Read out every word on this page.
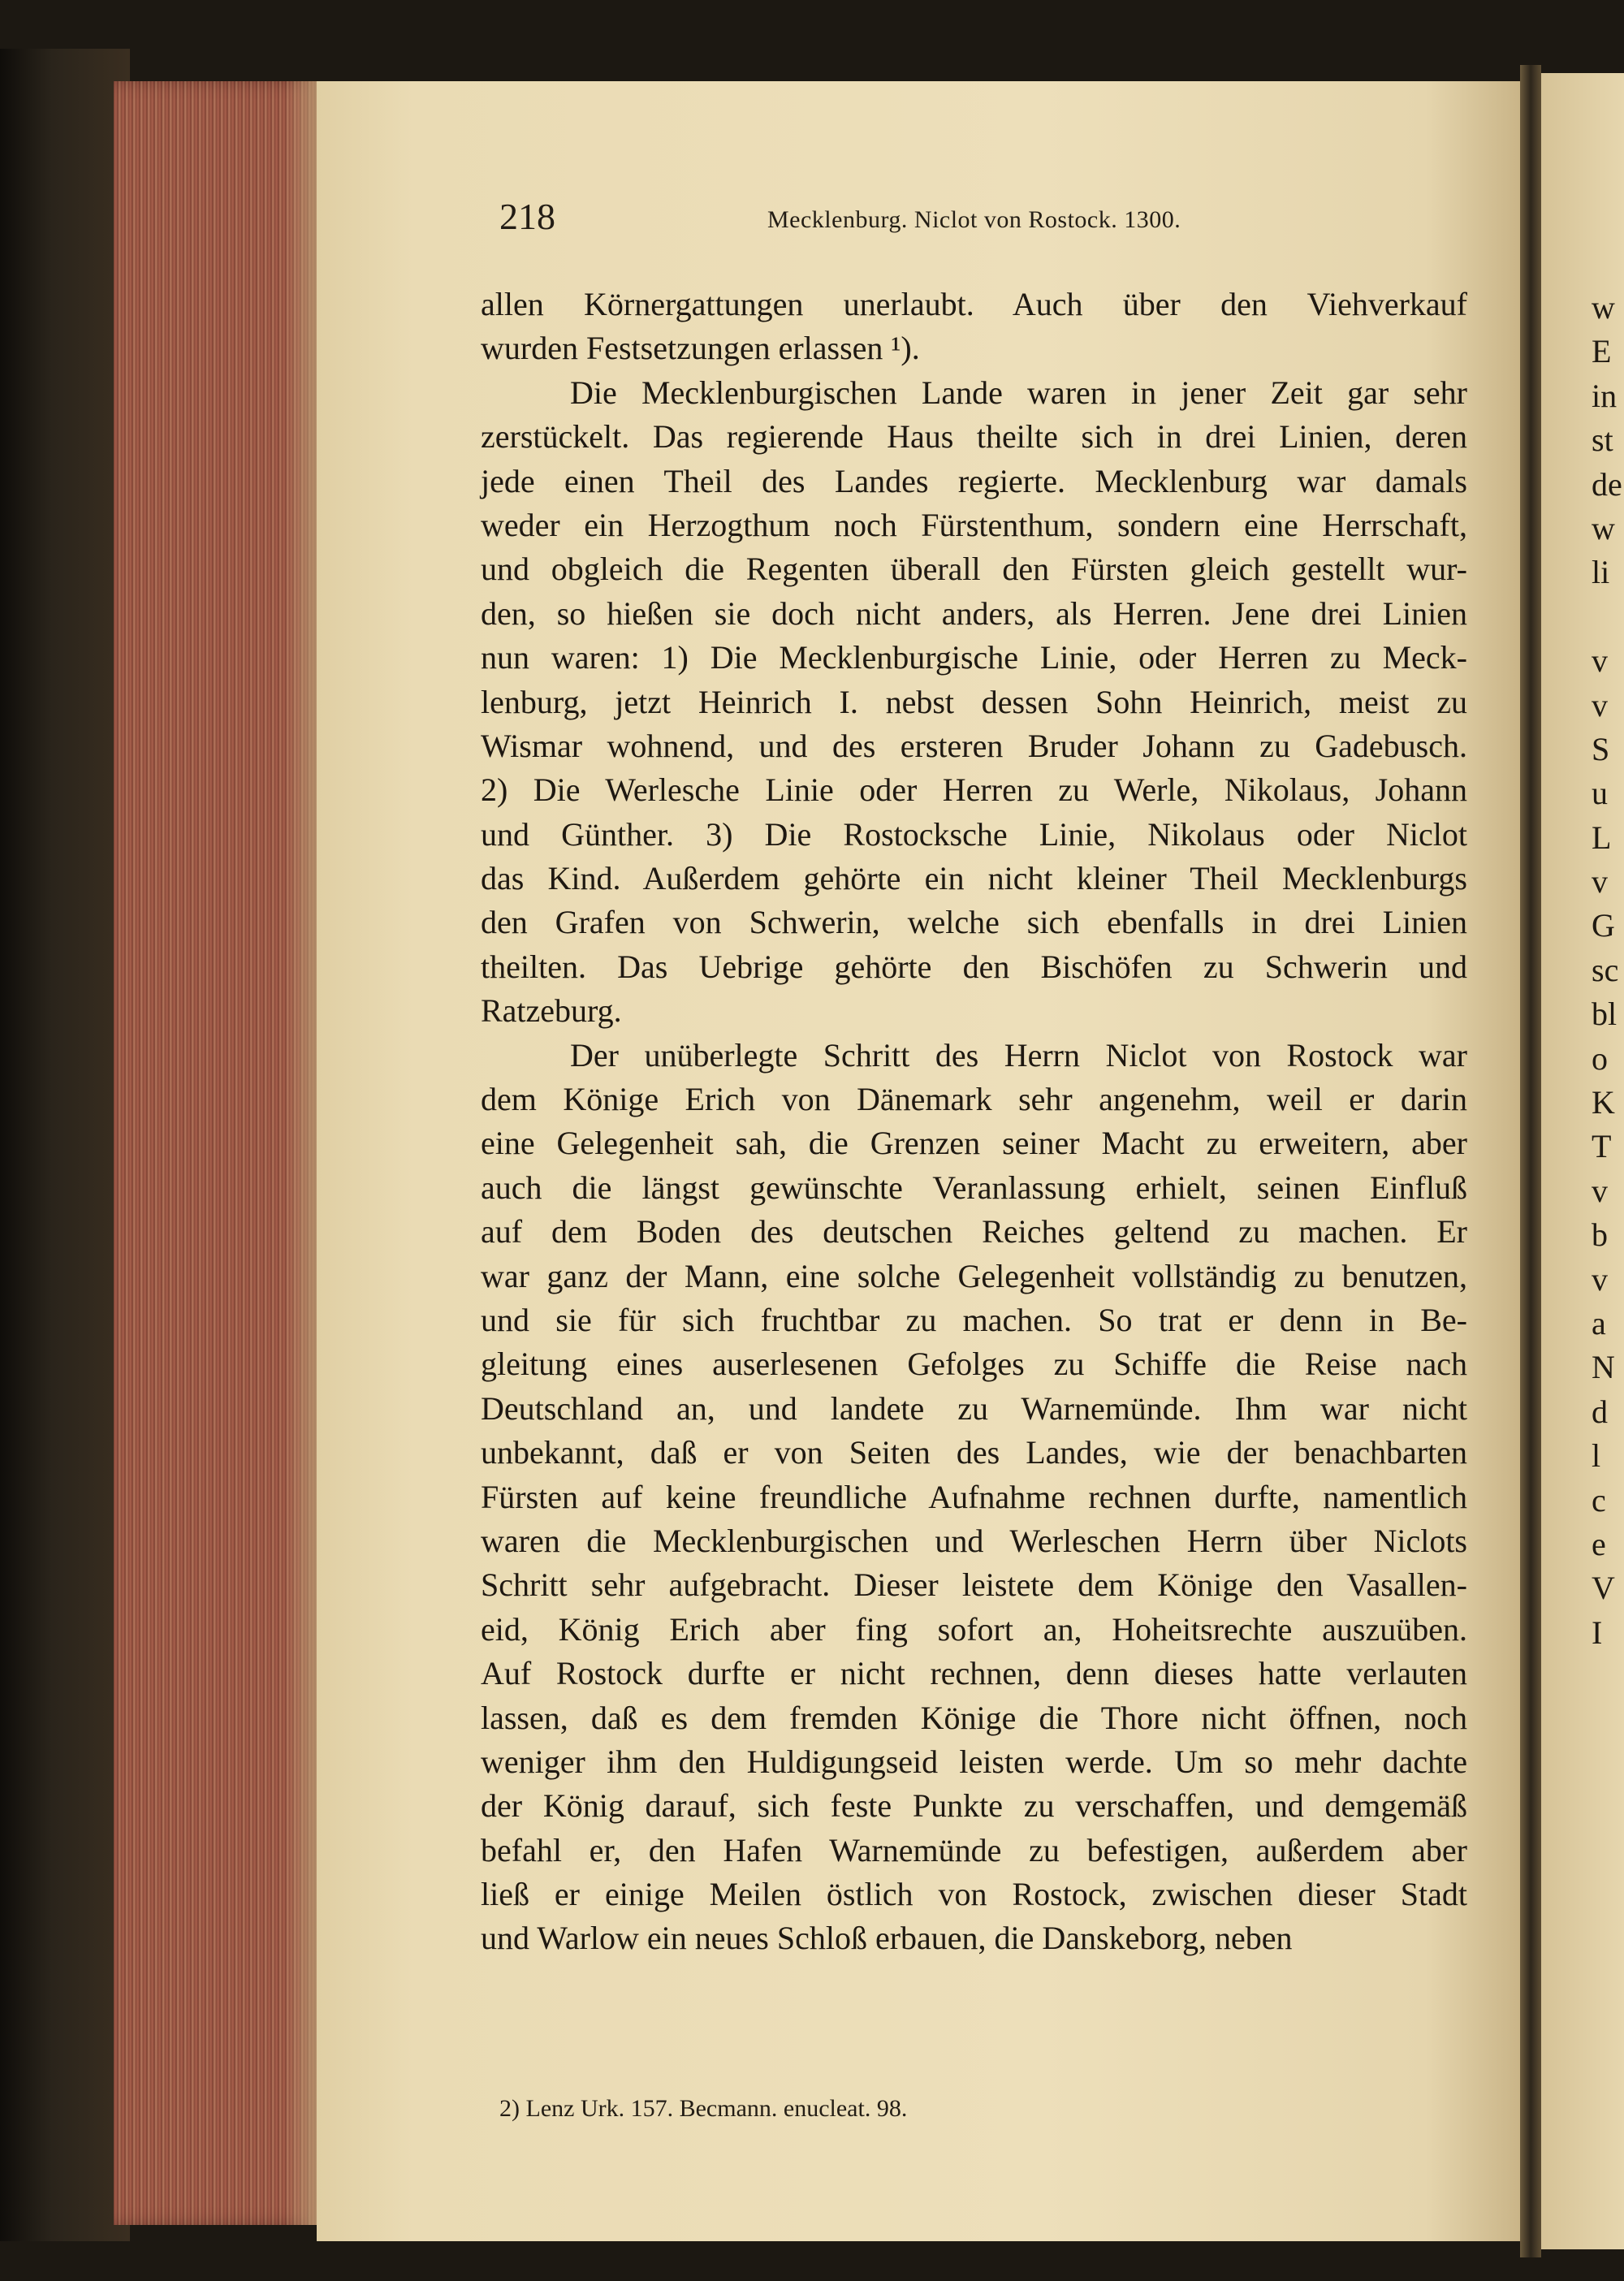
w
E
in
st
de
w
li
v
v
S
u
L
v
G
sc
bl
o
K
T
v
b
v
a
N
d
l
c
e
V
I
218	Mecklenburg. Niclot von Rostock. 1300.
allen Körnergattungen unerlaubt. Auch über den Viehverkauf
wurden Festsetzungen erlassen ¹).
Die Mecklenburgischen Lande waren in jener Zeit gar sehr
zerstückelt. Das regierende Haus theilte sich in drei Linien, deren
jede einen Theil des Landes regierte. Mecklenburg war damals
weder ein Herzogthum noch Fürstenthum, sondern eine Herrschaft,
und obgleich die Regenten überall den Fürsten gleich gestellt wur-
den, so hießen sie doch nicht anders, als Herren. Jene drei Linien
nun waren: 1) Die Mecklenburgische Linie, oder Herren zu Meck-
lenburg, jetzt Heinrich I. nebst dessen Sohn Heinrich, meist zu
Wismar wohnend, und des ersteren Bruder Johann zu Gadebusch.
2) Die Werlesche Linie oder Herren zu Werle, Nikolaus, Johann
und Günther. 3) Die Rostocksche Linie, Nikolaus oder Niclot
das Kind. Außerdem gehörte ein nicht kleiner Theil Mecklenburgs
den Grafen von Schwerin, welche sich ebenfalls in drei Linien
theilten. Das Uebrige gehörte den Bischöfen zu Schwerin und
Ratzeburg.
Der unüberlegte Schritt des Herrn Niclot von Rostock war
dem Könige Erich von Dänemark sehr angenehm, weil er darin
eine Gelegenheit sah, die Grenzen seiner Macht zu erweitern, aber
auch die längst gewünschte Veranlassung erhielt, seinen Einfluß
auf dem Boden des deutschen Reiches geltend zu machen. Er
war ganz der Mann, eine solche Gelegenheit vollständig zu benutzen,
und sie für sich fruchtbar zu machen. So trat er denn in Be-
gleitung eines auserlesenen Gefolges zu Schiffe die Reise nach
Deutschland an, und landete zu Warnemünde. Ihm war nicht
unbekannt, daß er von Seiten des Landes, wie der benachbarten
Fürsten auf keine freundliche Aufnahme rechnen durfte, namentlich
waren die Mecklenburgischen und Werleschen Herrn über Niclots
Schritt sehr aufgebracht. Dieser leistete dem Könige den Vasallen-
eid, König Erich aber fing sofort an, Hoheitsrechte auszuüben.
Auf Rostock durfte er nicht rechnen, denn dieses hatte verlauten
lassen, daß es dem fremden Könige die Thore nicht öffnen, noch
weniger ihm den Huldigungseid leisten werde. Um so mehr dachte
der König darauf, sich feste Punkte zu verschaffen, und demgemäß
befahl er, den Hafen Warnemünde zu befestigen, außerdem aber
ließ er einige Meilen östlich von Rostock, zwischen dieser Stadt
und Warlow ein neues Schloß erbauen, die Danskeborg, neben
2) Lenz Urk. 157. Becmann. enucleat. 98.
